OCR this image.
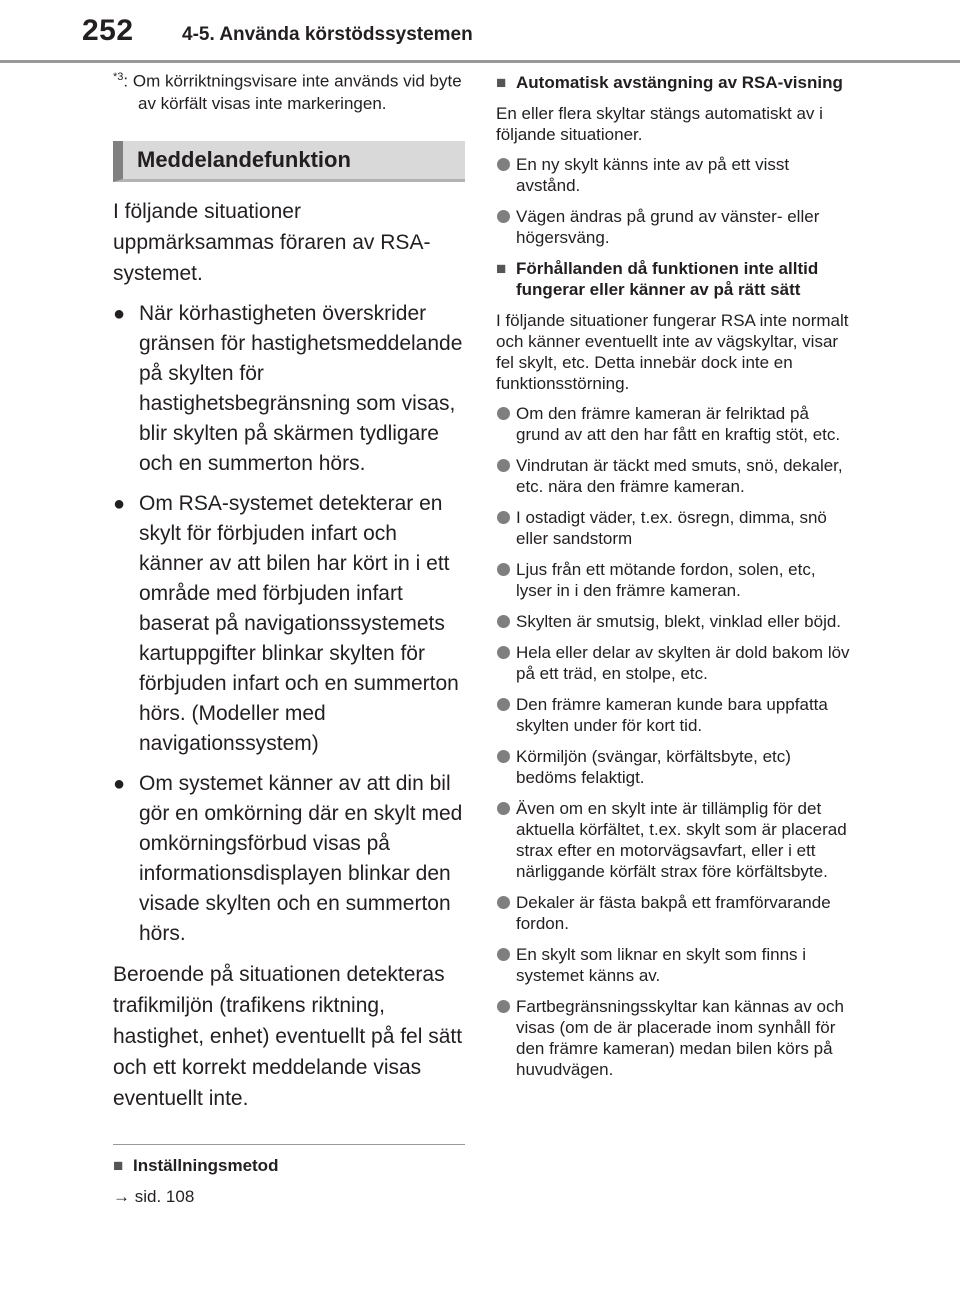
252	4-5. Använda körstödssystemen
$^{*3}$: Om körriktningsvisare inte används vid byte av körfält visas inte markeringen.
Meddelandefunktion
I följande situationer uppmärksammas föraren av RSA-systemet.
● När körhastigheten överskrider gränsen för hastighetsmeddelande på skylten för hastighetsbegränsning som visas, blir skylten på skärmen tydligare och en summerton hörs.
● Om RSA-systemet detekterar en skylt för förbjuden infart och känner av att bilen har kört in i ett område med förbjuden infart baserat på navigationssystemets kartuppgifter blinkar skylten för förbjuden infart och en summerton hörs. (Modeller med navigationssystem)
● Om systemet känner av att din bil gör en omkörning där en skylt med omkörningsförbud visas på informationsdisplayen blinkar den visade skylten och en summerton hörs.
Beroende på situationen detekteras trafikmiljön (trafikens riktning, hastighet, enhet) eventuellt på fel sätt och ett korrekt meddelande visas eventuellt inte.
■ Inställningsmetod
→ sid. 108
■ Automatisk avstängning av RSA-visning
En eller flera skyltar stängs automatiskt av i följande situationer.
En ny skylt känns inte av på ett visst avstånd.
Vägen ändras på grund av vänster- eller högersväng.
■ Förhållanden då funktionen inte alltid fungerar eller känner av på rätt sätt
I följande situationer fungerar RSA inte normalt och känner eventuellt inte av vägskyltar, visar fel skylt, etc. Detta innebär dock inte en funktionsstörning.
Om den främre kameran är felriktad på grund av att den har fått en kraftig stöt, etc.
Vindrutan är täckt med smuts, snö, dekaler, etc. nära den främre kameran.
I ostadigt väder, t.ex. ösregn, dimma, snö eller sandstorm
Ljus från ett mötande fordon, solen, etc, lyser in i den främre kameran.
Skylten är smutsig, blekt, vinklad eller böjd.
Hela eller delar av skylten är dold bakom löv på ett träd, en stolpe, etc.
Den främre kameran kunde bara uppfatta skylten under för kort tid.
Körmiljön (svängar, körfältsbyte, etc) bedöms felaktigt.
Även om en skylt inte är tillämplig för det aktuella körfältet, t.ex. skylt som är placerad strax efter en motorvägsavfart, eller i ett närliggande körfält strax före körfältsbyte.
Dekaler är fästa bakpå ett framförvarande fordon.
En skylt som liknar en skylt som finns i systemet känns av.
Fartbegränsningsskyltar kan kännas av och visas (om de är placerade inom synhåll för den främre kameran) medan bilen körs på huvudvägen.
